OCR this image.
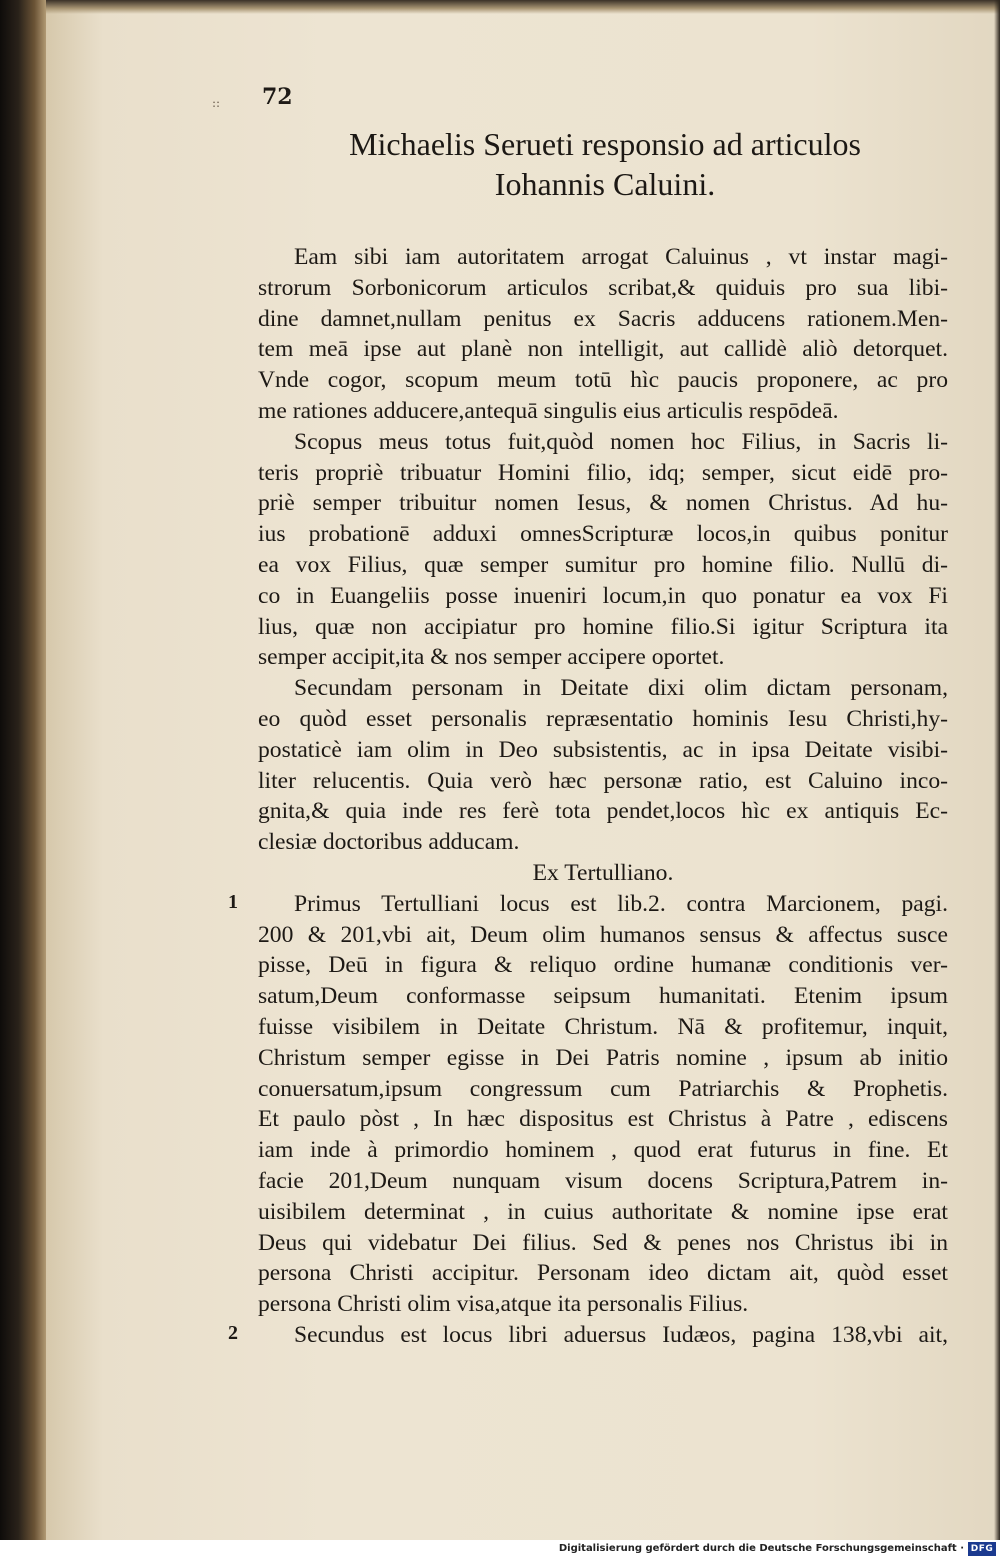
:: 72
Michaelis Serueti responsio ad articulos
Iohannis Caluini.
Eam sibi iam autoritatem arrogat Caluinus , vt instar magi-
strorum Sorbonicorum articulos scribat,& quiduis pro sua libi-
dine damnet,nullam penitus ex Sacris adducens rationem.Men-
tem meā ipse aut planè non intelligit, aut callidè aliò detorquet.
Vnde cogor, scopum meum totū hìc paucis proponere, ac pro
me rationes adducere,antequā singulis eius articulis respōdeā.
Scopus meus totus fuit,quòd nomen hoc Filius, in Sacris li-
teris propriè tribuatur Homini filio, idq; semper, sicut eidē pro-
priè semper tribuitur nomen Iesus, & nomen Christus. Ad hu-
ius probationē adduxi omnesScripturæ locos,in quibus ponitur
ea vox Filius, quæ semper sumitur pro homine filio. Nullū di-
co in Euangeliis posse inueniri locum,in quo ponatur ea vox Fi
lius, quæ non accipiatur pro homine filio.Si igitur Scriptura ita
semper accipit,ita & nos semper accipere oportet.
Secundam personam in Deitate dixi olim dictam personam,
eo quòd esset personalis repræsentatio hominis Iesu Christi,hy-
postaticè iam olim in Deo subsistentis, ac in ipsa Deitate visibi-
liter relucentis. Quia verò hæc personæ ratio, est Caluino inco-
gnita,& quia inde res ferè tota pendet,locos hìc ex antiquis Ec-
clesiæ doctoribus adducam.
Ex Tertulliano.
Primus Tertulliani locus est lib.2. contra Marcionem, pagi.
200 & 201,vbi ait, Deum olim humanos sensus & affectus susce
pisse, Deū in figura & reliquo ordine humanæ conditionis ver-
satum,Deum conformasse seipsum humanitati. Etenim ipsum
fuisse visibilem in Deitate Christum. Nā & profitemur, inquit,
Christum semper egisse in Dei Patris nomine , ipsum ab initio
conuersatum,ipsum congressum cum Patriarchis & Prophetis.
Et paulo pòst , In hæc dispositus est Christus à Patre , ediscens
iam inde à primordio hominem , quod erat futurus in fine. Et
facie 201,Deum nunquam visum docens Scriptura,Patrem in-
uisibilem determinat , in cuius authoritate & nomine ipse erat
Deus qui videbatur Dei filius. Sed & penes nos Christus ibi in
persona Christi accipitur. Personam ideo dictam ait, quòd esset
persona Christi olim visa,atque ita personalis Filius.
Secundus est locus libri aduersus Iudæos, pagina 138,vbi ait,
Digitalisierung gefördert durch die Deutsche Forschungsgemeinschaft · DFG
1
2
